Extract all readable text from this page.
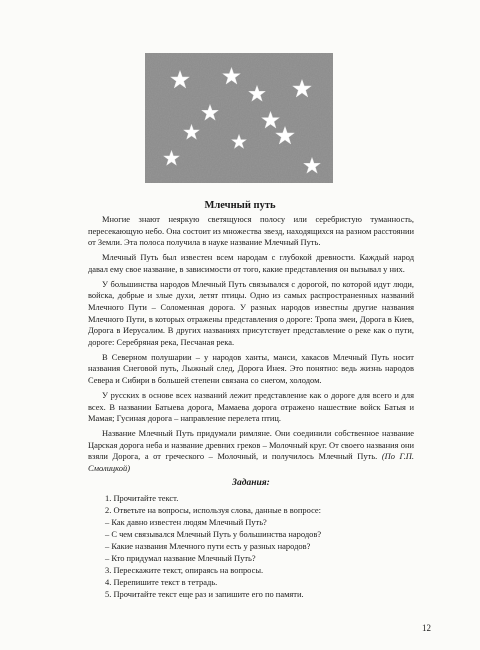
Млечный путь

Многие знают неяркую светящуюся полосу или серебристую туманность, пересекающую небо. Она состоит из множества звезд, находящихся на разном расстоянии от Земли. Эта полоса получила в науке название Млечный Путь.

Млечный Путь был известен всем народам с глубокой древности. Каждый народ давал ему свое название, в зависимости от того, какие представления он вызывал у них.

У большинства народов Млечный Путь связывался с дорогой, по которой идут люди, войска, добрые и злые духи, летят птицы. Одно из самых распространенных названий Млечного Пути – Соломенная дорога. У разных народов известны другие названия Млечного Пути, в которых отражены представления о дороге: Тропа змеи, Дорога в Киев, Дорога в Иерусалим. В других названиях присутствует представление о реке как о пути, дороге: Серебряная река, Песчаная река.

В Северном полушарии – у народов ханты, манси, хакасов Млечный Путь носит названия Снеговой путь, Лыжный след, Дорога Инея. Это понятно: ведь жизнь народов Севера и Сибири в большей степени связана со снегом, холодом.

У русских в основе всех названий лежит представление как о дороге для всего и для всех. В названии Батыева дорога, Мамаева дорога отражено нашествие войск Батыя и Мамая; Гусиная дорога – направление перелета птиц.

Название Млечный Путь придумали римляне. Они соединили собственное название Царская дорога неба и название древних греков – Молочный круг. От своего названия они взяли Дорога, а от греческого – Молочный, и получилось Млечный Путь. (По Г.П. Смолицкой)

Задания:

1. Прочитайте текст.

2. Ответьте на вопросы, используя слова, данные в вопросе:

– Как давно известен людям Млечный Путь?

– С чем связывался Млечный Путь у большинства народов?

– Какие названия Млечного пути есть у разных народов?

– Кто придумал название Млечный Путь?

3. Перескажите текст, опираясь на вопросы.

4. Перепишите текст в тетрадь.

5. Прочитайте текст еще раз и запишите его по памяти.

12
